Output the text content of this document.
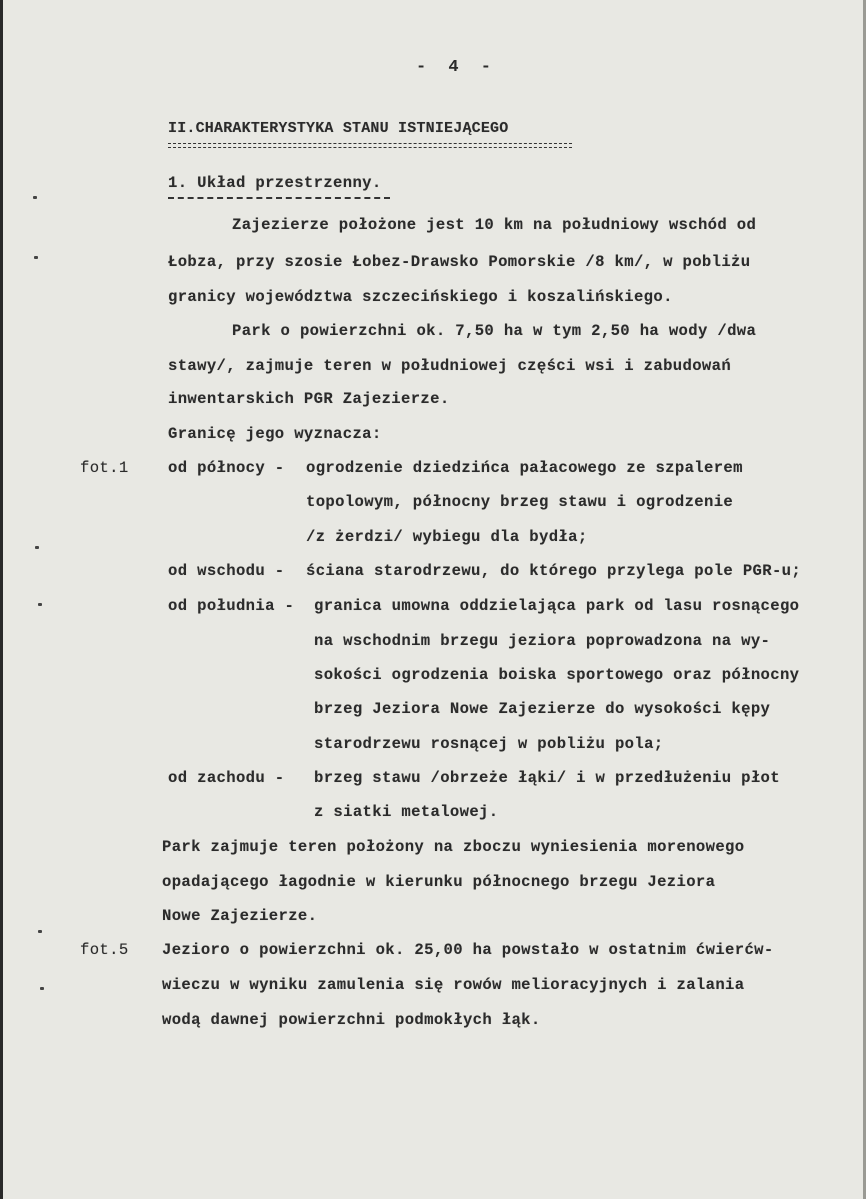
- 4 -
II.CHARAKTERYSTYKA STANU ISTNIEJĄCEGO
1. Układ przestrzenny.
Zajezierze położone jest 10 km na południowy wschód od
Łobza, przy szosie Łobez-Drawsko Pomorskie /8 km/, w pobliżu
granicy województwa szczecińskiego i koszalińskiego.
Park o powierzchni ok. 7,50 ha w tym 2,50 ha wody /dwa
stawy/, zajmuje teren w południowej części wsi i zabudowań
inwentarskich PGR Zajezierze.
Granicę jego wyznacza:
fot.1	od północy - ogrodzenie dziedzińca pałacowego ze szpalerem
topolowym, północny brzeg stawu i ogrodzenie
/z żerdzi/ wybiegu dla bydła;
od wschodu - ściana starodrzewu, do którego przylega pole PGR-u;
od południa - granica umowna oddzielająca park od lasu rosnącego
na wschodnim brzegu jeziora poprowadzona na wy-
sokości ogrodzenia boiska sportowego oraz północny
brzeg Jeziora Nowe Zajezierze do wysokości kępy
starodrzewu rosnącej w pobliżu pola;
od zachodu - brzeg stawu /obrzeże łąki/ i w przedłużeniu płot
z siatki metalowej.
Park zajmuje teren położony na zboczu wyniesienia morenowego
opadającego łagodnie w kierunku północnego brzegu Jeziora
Nowe Zajezierze.
fot.5 Jezioro o powierzchni ok. 25,00 ha powstało w ostatnim ćwierćw-
wieczu w wyniku zamulenia się rowów melioracyjnych i zalania
wodą dawnej powierzchni podmokłych łąk.
